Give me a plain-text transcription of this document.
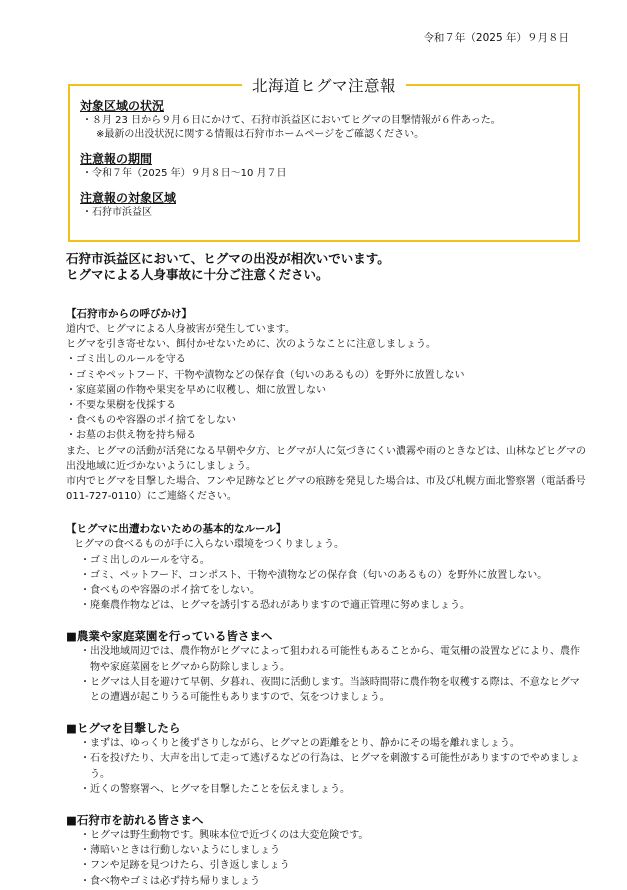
令和７年（2025 年）９月８日
北海道ヒグマ注意報
対象区域の状況
・８月 23 日から９月６日にかけて、石狩市浜益区においてヒグマの目撃情報が６件あった。
※最新の出没状況に関する情報は石狩市ホームページをご確認ください。
注意報の期間
・令和７年（2025 年）９月８日～10 月７日
注意報の対象区域
・石狩市浜益区
石狩市浜益区において、ヒグマの出没が相次いでいます。
ヒグマによる人身事故に十分ご注意ください。
【石狩市からの呼びかけ】
道内で、ヒグマによる人身被害が発生しています。
ヒグマを引き寄せない、餌付かせないために、次のようなことに注意しましょう。
・ゴミ出しのルールを守る
・ゴミやペットフード、干物や漬物などの保存食（匂いのあるもの）を野外に放置しない
・家庭菜園の作物や果実を早めに収穫し、畑に放置しない
・不要な果樹を伐採する
・食べものや容器のポイ捨てをしない
・お墓のお供え物を持ち帰る
また、ヒグマの活動が活発になる早朝や夕方、ヒグマが人に気づきにくい濃霧や雨のときなどは、山林などヒグマの出没地域に近づかないようにしましょう。
市内でヒグマを目撃した場合、フンや足跡などヒグマの痕跡を発見した場合は、市及び札幌方面北警察署（電話番号 011-727-0110）にご連絡ください。
【ヒグマに出遭わないための基本的なルール】
ヒグマの食べるものが手に入らない環境をつくりましょう。
・ゴミ出しのルールを守る。
・ゴミ、ペットフード、コンポスト、干物や漬物などの保存食（匂いのあるもの）を野外に放置しない。
・食べものや容器のポイ捨てをしない。
・廃棄農作物などは、ヒグマを誘引する恐れがありますので適正管理に努めましょう。
■農業や家庭菜園を行っている皆さまへ
・出没地域周辺では、農作物がヒグマによって狙われる可能性もあることから、電気柵の設置などにより、農作物や家庭菜園をヒグマから防除しましょう。
・ヒグマは人目を避けて早朝、夕暮れ、夜間に活動します。当該時間帯に農作物を収穫する際は、不意なヒグマとの遭遇が起こりうる可能性もありますので、気をつけましょう。
■ヒグマを目撃したら
・まずは、ゆっくりと後ずさりしながら、ヒグマとの距離をとり、静かにその場を離れましょう。
・石を投げたり、大声を出して走って逃げるなどの行為は、ヒグマを刺激する可能性がありますのでやめましょう。
・近くの警察署へ、ヒグマを目撃したことを伝えましょう。
■石狩市を訪れる皆さまへ
・ヒグマは野生動物です。興味本位で近づくのは大変危険です。
・薄暗いときは行動しないようにしましょう
・フンや足跡を見つけたら、引き返しましょう
・食べ物やゴミは必ず持ち帰りましょう
